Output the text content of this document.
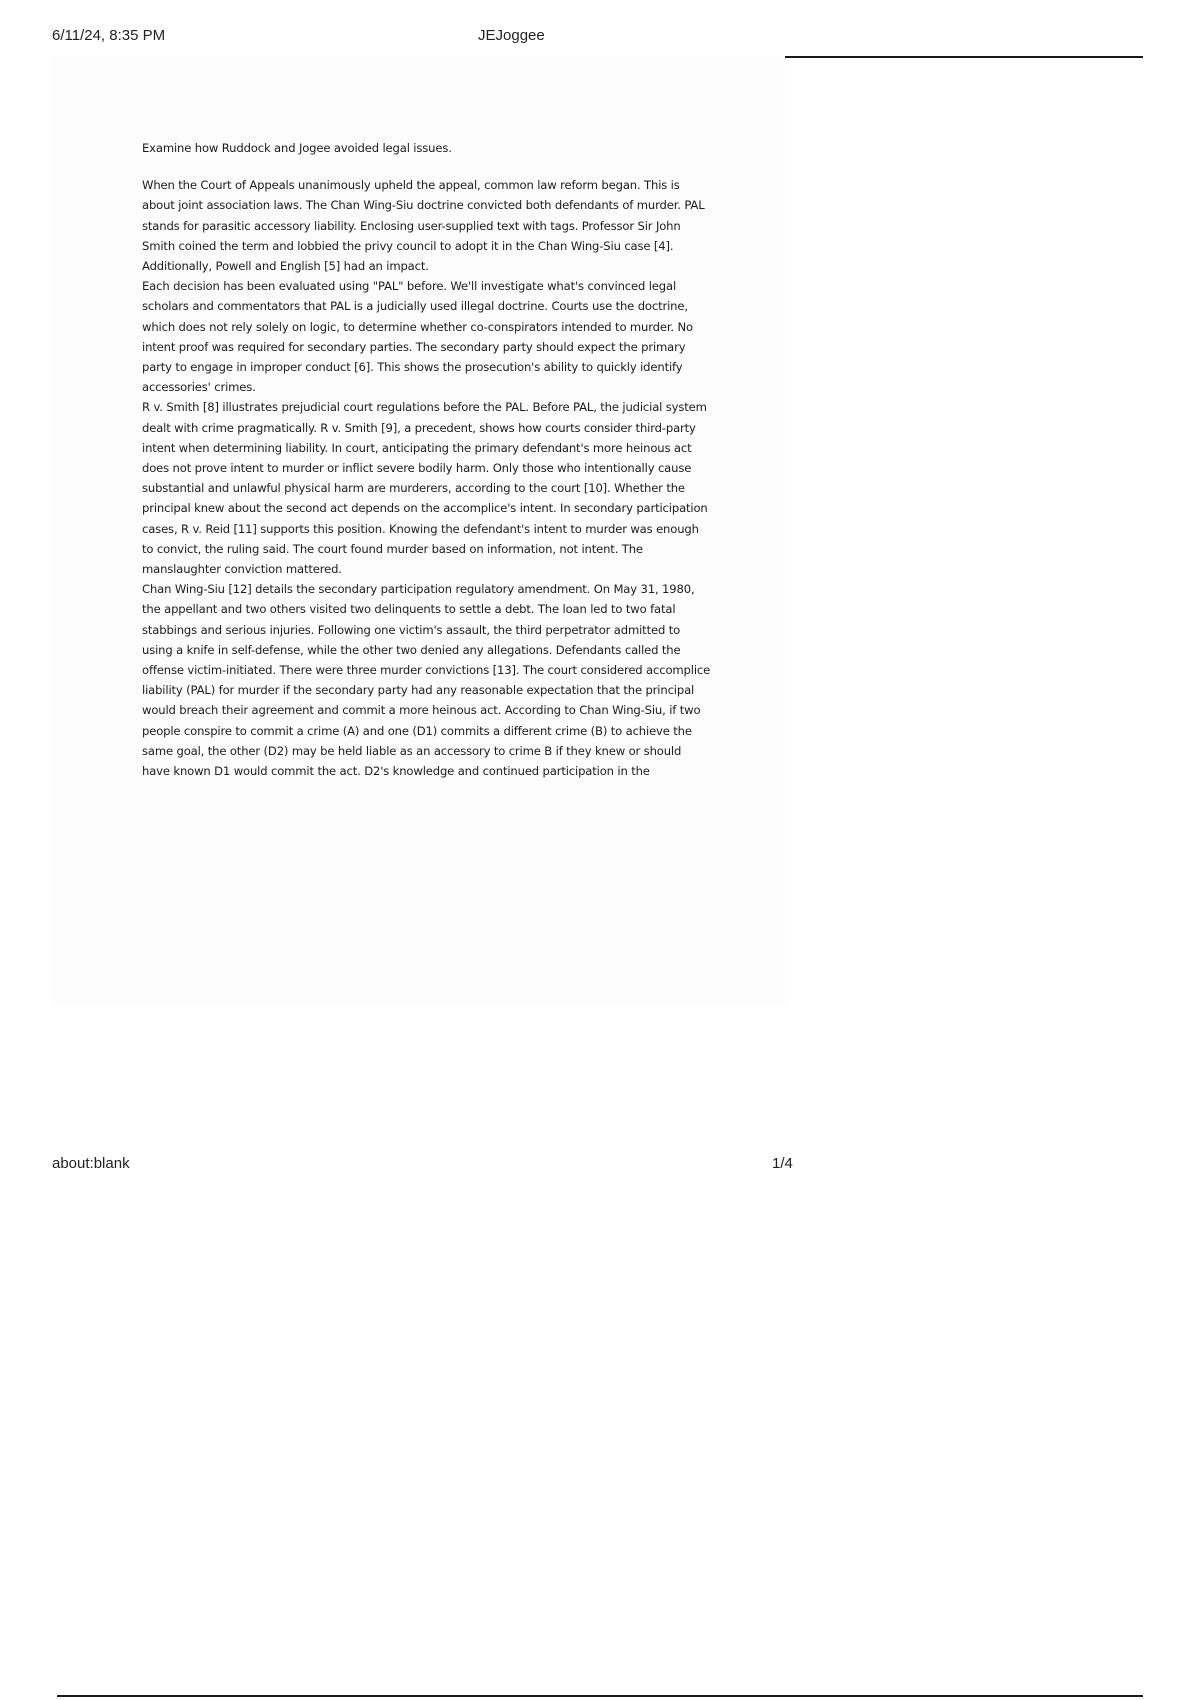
6/11/24, 8:35 PM	JEJoggee

Examine how Ruddock and Jogee avoided legal issues.

When the Court of Appeals unanimously upheld the appeal, common law reform began. This is about joint association laws. The Chan Wing-Siu doctrine convicted both defendants of murder. PAL stands for parasitic accessory liability. Enclosing user-supplied text with tags. Professor Sir John Smith coined the term and lobbied the privy council to adopt it in the Chan Wing-Siu case [4]. Additionally, Powell and English [5] had an impact.

Each decision has been evaluated using "PAL" before. We'll investigate what's convinced legal scholars and commentators that PAL is a judicially used illegal doctrine. Courts use the doctrine, which does not rely solely on logic, to determine whether co-conspirators intended to murder. No intent proof was required for secondary parties. The secondary party should expect the primary party to engage in improper conduct [6]. This shows the prosecution's ability to quickly identify accessories' crimes.

R v. Smith [8] illustrates prejudicial court regulations before the PAL. Before PAL, the judicial system dealt with crime pragmatically. R v. Smith [9], a precedent, shows how courts consider third-party intent when determining liability. In court, anticipating the primary defendant's more heinous act does not prove intent to murder or inflict severe bodily harm. Only those who intentionally cause substantial and unlawful physical harm are murderers, according to the court [10]. Whether the principal knew about the second act depends on the accomplice's intent. In secondary participation cases, R v. Reid [11] supports this position. Knowing the defendant's intent to murder was enough to convict, the ruling said. The court found murder based on information, not intent. The manslaughter conviction mattered.

Chan Wing-Siu [12] details the secondary participation regulatory amendment. On May 31, 1980, the appellant and two others visited two delinquents to settle a debt. The loan led to two fatal stabbings and serious injuries. Following one victim's assault, the third perpetrator admitted to using a knife in self-defense, while the other two denied any allegations. Defendants called the offense victim-initiated. There were three murder convictions [13]. The court considered accomplice liability (PAL) for murder if the secondary party had any reasonable expectation that the principal would breach their agreement and commit a more heinous act. According to Chan Wing-Siu, if two people conspire to commit a crime (A) and one (D1) commits a different crime (B) to achieve the same goal, the other (D2) may be held liable as an accessory to crime B if they knew or should have known D1 would commit the act. D2's knowledge and continued participation in the

about:blank	1/4
